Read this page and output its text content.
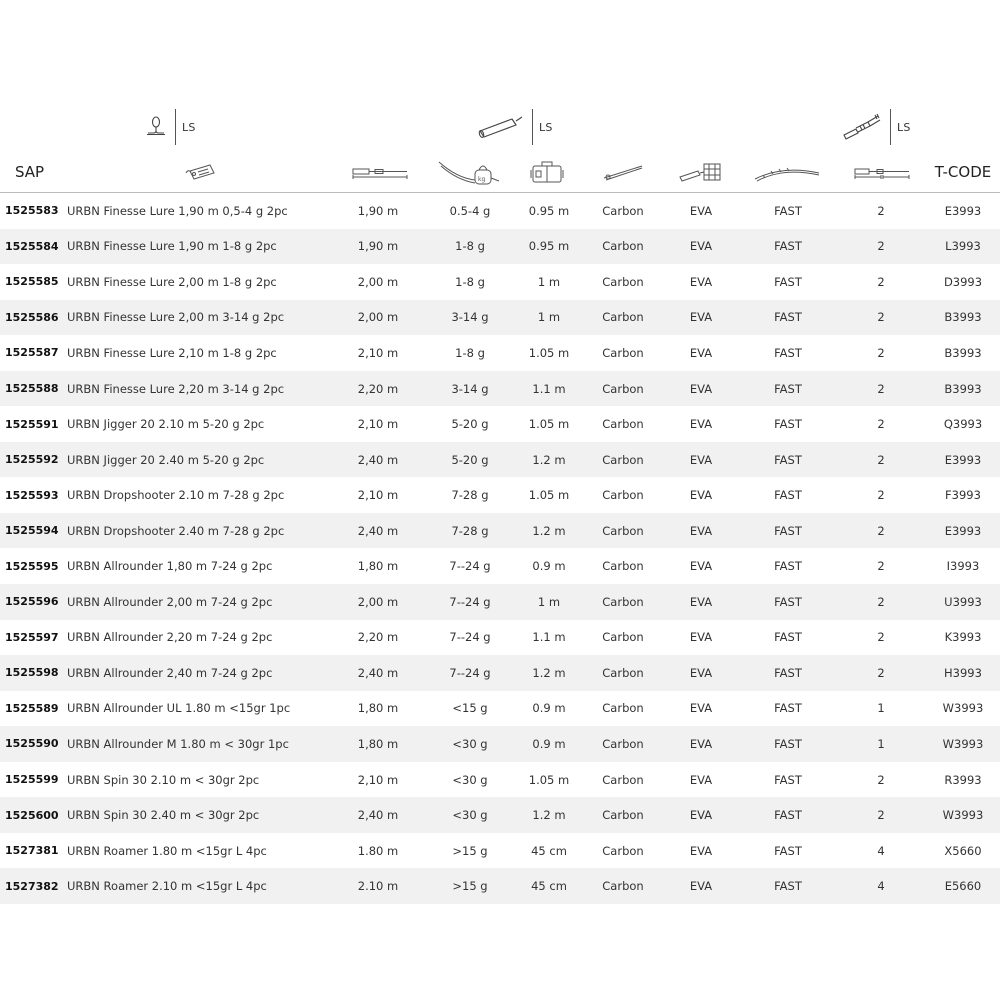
LS	LS	LS
SAP	kg	T-CODE
1525583 URBN Finesse Lure 1,90 m 0,5-4 g 2pc	1,90 m	0.5-4 g	0.95 m	Carbon	EVA	FAST	2	E3993
1525584 URBN Finesse Lure 1,90 m 1-8 g 2pc	1,90 m	1-8 g	0.95 m	Carbon	EVA	FAST	2	L3993
1525585 URBN Finesse Lure 2,00 m 1-8 g 2pc	2,00 m	1-8 g	1 m	Carbon	EVA	FAST	2	D3993
1525586 URBN Finesse Lure 2,00 m 3-14 g 2pc	2,00 m	3-14 g	1 m	Carbon	EVA	FAST	2	B3993
1525587 URBN Finesse Lure 2,10 m 1-8 g 2pc	2,10 m	1-8 g	1.05 m	Carbon	EVA	FAST	2	B3993
1525588 URBN Finesse Lure 2,20 m 3-14 g 2pc	2,20 m	3-14 g	1.1 m	Carbon	EVA	FAST	2	B3993
1525591 URBN Jigger 20 2.10 m 5-20 g 2pc	2,10 m	5-20 g	1.05 m	Carbon	EVA	FAST	2	Q3993
1525592 URBN Jigger 20 2.40 m 5-20 g 2pc	2,40 m	5-20 g	1.2 m	Carbon	EVA	FAST	2	E3993
1525593 URBN Dropshooter 2.10 m 7-28 g 2pc	2,10 m	7-28 g	1.05 m	Carbon	EVA	FAST	2	F3993
1525594 URBN Dropshooter 2.40 m 7-28 g 2pc	2,40 m	7-28 g	1.2 m	Carbon	EVA	FAST	2	E3993
1525595 URBN Allrounder 1,80 m 7-24 g 2pc	1,80 m	7--24 g	0.9 m	Carbon	EVA	FAST	2	I3993
1525596 URBN Allrounder 2,00 m 7-24 g 2pc	2,00 m	7--24 g	1 m	Carbon	EVA	FAST	2	U3993
1525597 URBN Allrounder 2,20 m 7-24 g 2pc	2,20 m	7--24 g	1.1 m	Carbon	EVA	FAST	2	K3993
1525598 URBN Allrounder 2,40 m 7-24 g 2pc	2,40 m	7--24 g	1.2 m	Carbon	EVA	FAST	2	H3993
1525589 URBN Allrounder UL 1.80 m <15gr 1pc	1,80 m	<15 g	0.9 m	Carbon	EVA	FAST	1	W3993
1525590 URBN Allrounder M 1.80 m < 30gr 1pc	1,80 m	<30 g	0.9 m	Carbon	EVA	FAST	1	W3993
1525599 URBN Spin 30 2.10 m < 30gr 2pc	2,10 m	<30 g	1.05 m	Carbon	EVA	FAST	2	R3993
1525600 URBN Spin 30 2.40 m < 30gr 2pc	2,40 m	<30 g	1.2 m	Carbon	EVA	FAST	2	W3993
1527381 URBN Roamer 1.80 m <15gr L 4pc	1.80 m	>15 g	45 cm	Carbon	EVA	FAST	4	X5660
1527382 URBN Roamer 2.10 m <15gr L 4pc	2.10 m	>15 g	45 cm	Carbon	EVA	FAST	4	E5660
